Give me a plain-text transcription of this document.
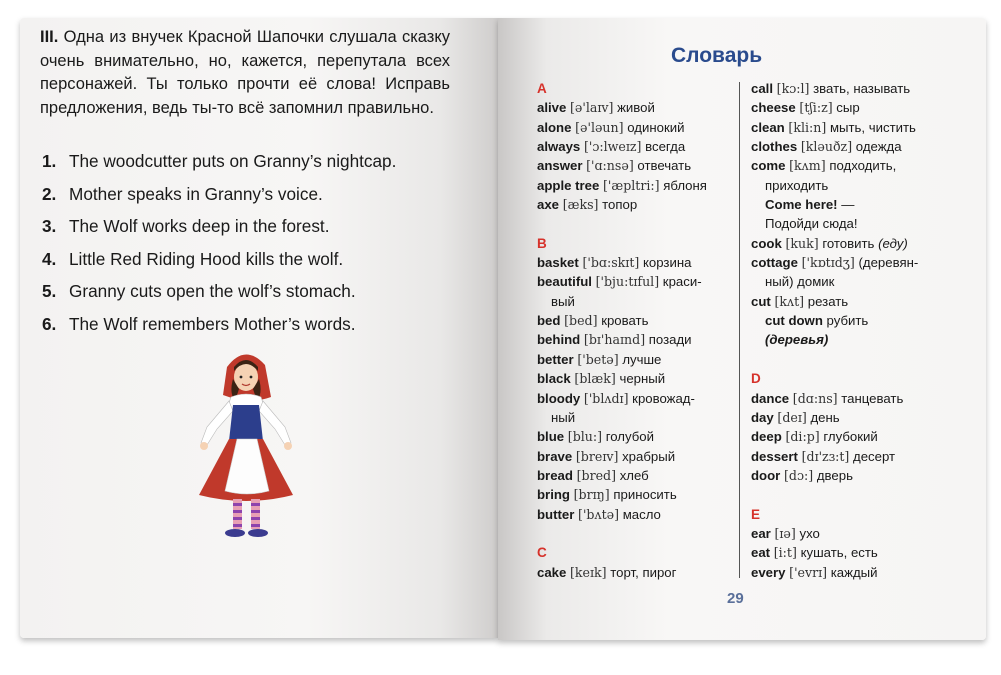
III. Одна из внучек Красной Шапочки слушала сказку очень внимательно, но, кажется, перепутала всех персонажей. Ты только прочти её слова! Исправь предложения, ведь ты-то всё запомнил правильно.
1. The woodcutter puts on Granny’s nightcap.
2. Mother speaks in Granny’s voice.
3. The Wolf works deep in the forest.
4. Little Red Riding Hood kills the wolf.
5. Granny cuts open the wolf’s stomach.
6. The Wolf remembers Mother’s words.
Словарь
A
alive [ə'laɪv] живой
alone [ə'ləun] одинокий
always ['ɔ:lweɪz] всегда
answer ['ɑ:nsə] отвечать
apple tree ['æpltri:] яблоня
axe [æks] топор
B
basket ['bɑ:skɪt] корзина
beautiful ['bju:tɪful] краси-
вый
bed [bed] кровать
behind [bɪ'haɪnd] позади
better ['betə] лучше
black [blæk] черный
bloody ['blʌdɪ] кровожад-
ный
blue [blu:] голубой
brave [breɪv] храбрый
bread [bred] хлеб
bring [brɪŋ] приносить
butter ['bʌtə] масло
C
cake [keɪk] торт, пирог
call [kɔ:l] звать, называть
cheese [tʃi:z] сыр
clean [kli:n] мыть, чистить
clothes [kləuðz] одежда
come [kʌm] подходить,
приходить
Come here! —
Подойди сюда!
cook [kuk] готовить (еду)
cottage ['kɒtɪdʒ] (деревян-
ный) домик
cut [kʌt] резать
cut down рубить
(деревья)
D
dance [dɑ:ns] танцевать
day [deɪ] день
deep [di:p] глубокий
dessert [dɪ'zɜ:t] десерт
door [dɔ:] дверь
E
ear [ɪə] ухо
eat [i:t] кушать, есть
every ['evrɪ] каждый
29
